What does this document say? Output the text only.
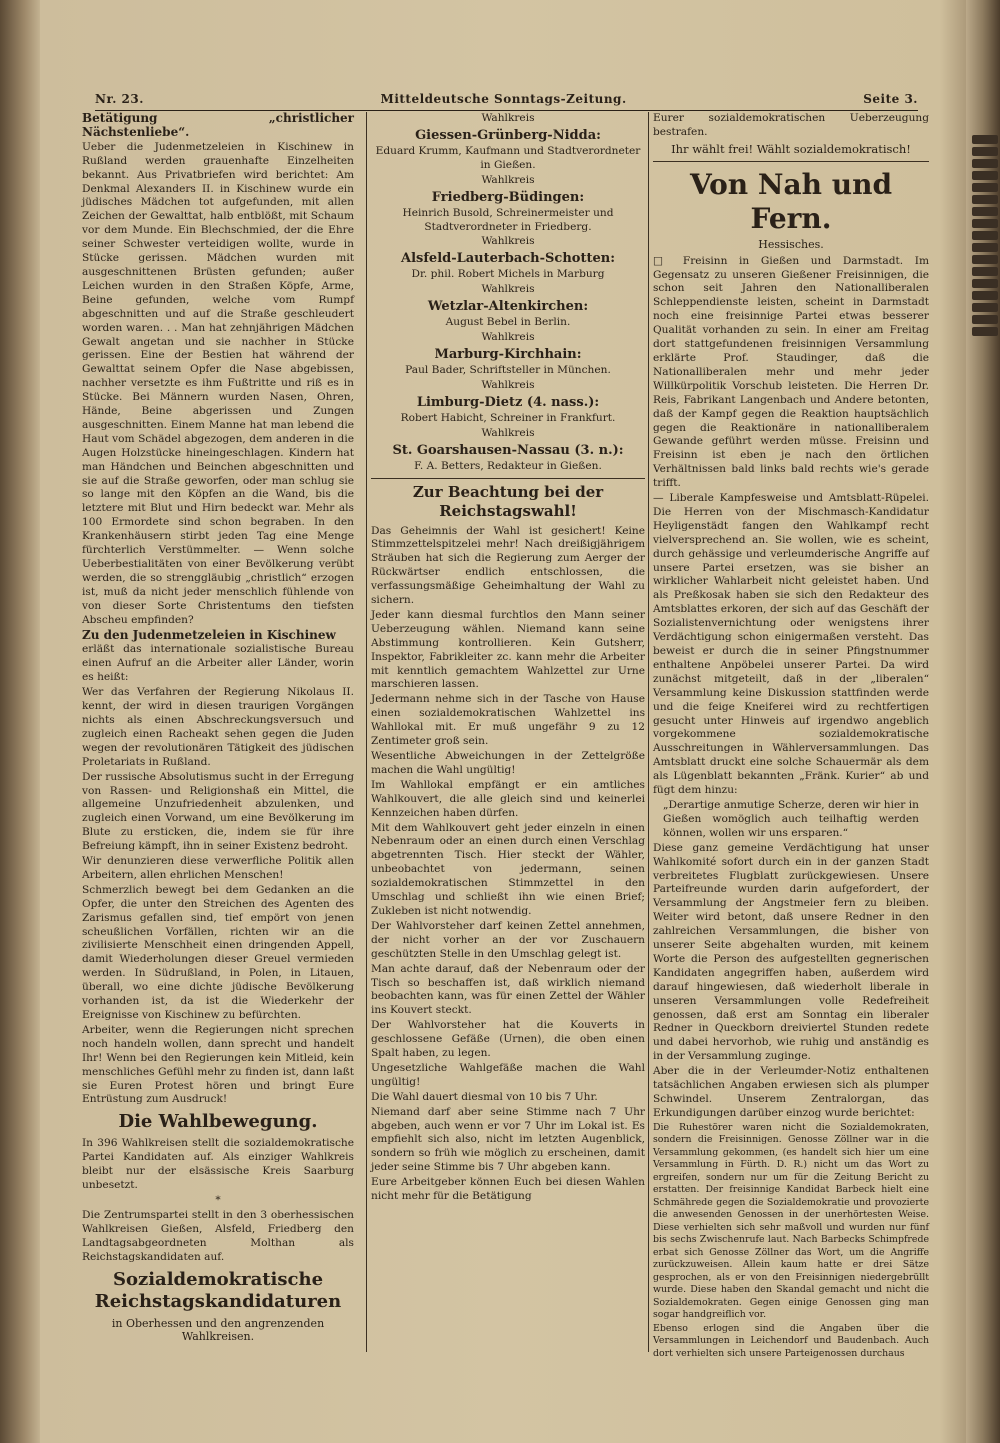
Nr. 23.	Mitteldeutsche Sonntags-Zeitung.	Seite 3.
Betätigung „christlicher Nächstenliebe“.

Ueber die Judenmetzeleien in Kischinew in Rußland werden grauenhafte Einzelheiten bekannt. Aus Privatbriefen wird berichtet: Am Denkmal Alexanders II. in Kischinew wurde ein jüdisches Mädchen tot aufgefunden, mit allen Zeichen der Gewalttat, halb entblößt, mit Schaum vor dem Munde. Ein Blechschmied, der die Ehre seiner Schwester verteidigen wollte, wurde in Stücke gerissen. Mädchen wurden mit ausgeschnittenen Brüsten gefunden; außer Leichen wurden in den Straßen Köpfe, Arme, Beine gefunden, welche vom Rumpf abgeschnitten und auf die Straße geschleudert worden waren. . . Man hat zehnjährigen Mädchen Gewalt angetan und sie nachher in Stücke gerissen. Eine der Bestien hat während der Gewalttat seinem Opfer die Nase abgebissen, nachher versetzte es ihm Fußtritte und riß es in Stücke. Bei Männern wurden Nasen, Ohren, Hände, Beine abgerissen und Zungen ausgeschnitten. Einem Manne hat man lebend die Haut vom Schädel abgezogen, dem anderen in die Augen Holzstücke hineingeschlagen. Kindern hat man Händchen und Beinchen abgeschnitten und sie auf die Straße geworfen, oder man schlug sie so lange mit den Köpfen an die Wand, bis die letztere mit Blut und Hirn bedeckt war. Mehr als 100 Ermordete sind schon begraben. In den Krankenhäusern stirbt jeden Tag eine Menge fürchterlich Verstümmelter. — Wenn solche Ueberbestialitäten von einer Bevölkerung verübt werden, die so strenggläubig „christlich“ erzogen ist, muß da nicht jeder menschlich fühlende von von dieser Sorte Christentums den tiefsten Abscheu empfinden?

Zu den Judenmetzeleien in Kischinew

erläßt das internationale sozialistische Bureau einen Aufruf an die Arbeiter aller Länder, worin es heißt:

Wer das Verfahren der Regierung Nikolaus II. kennt, der wird in diesen traurigen Vorgängen nichts als einen Abschreckungsversuch und zugleich einen Racheakt sehen gegen die Juden wegen der revolutionären Tätigkeit des jüdischen Proletariats in Rußland.

Der russische Absolutismus sucht in der Erregung von Rassen- und Religionshaß ein Mittel, die allgemeine Unzufriedenheit abzulenken, und zugleich einen Vorwand, um eine Bevölkerung im Blute zu ersticken, die, indem sie für ihre Befreiung kämpft, ihn in seiner Existenz bedroht.

Wir denunzieren diese verwerfliche Politik allen Arbeitern, allen ehrlichen Menschen!

Schmerzlich bewegt bei dem Gedanken an die Opfer, die unter den Streichen des Agenten des Zarismus gefallen sind, tief empört von jenen scheußlichen Vorfällen, richten wir an die zivilisierte Menschheit einen dringenden Appell, damit Wiederholungen dieser Greuel vermieden werden. In Südrußland, in Polen, in Litauen, überall, wo eine dichte jüdische Bevölkerung vorhanden ist, da ist die Wiederkehr der Ereignisse von Kischinew zu befürchten.

Arbeiter, wenn die Regierungen nicht sprechen noch handeln wollen, dann sprecht und handelt Ihr! Wenn bei den Regierungen kein Mitleid, kein menschliches Gefühl mehr zu finden ist, dann laßt sie Euren Protest hören und bringt Eure Entrüstung zum Ausdruck!

Die Wahlbewegung.

In 396 Wahlkreisen stellt die sozialdemokratische Partei Kandidaten auf. Als einziger Wahlkreis bleibt nur der elsässische Kreis Saarburg unbesetzt.

*

Die Zentrumspartei stellt in den 3 oberhessischen Wahlkreisen Gießen, Alsfeld, Friedberg den Landtagsabgeordneten Molthan als Reichstagskandidaten auf.

Sozialdemokratische Reichstagskandidaturen
in Oberhessen und den angrenzenden Wahlkreisen.
Wahlkreis
Giessen-Grünberg-Nidda:

Eduard Krumm, Kaufmann und Stadtverordneter in Gießen.

Wahlkreis
Friedberg-Büdingen:

Heinrich Busold, Schreinermeister und Stadtverordneter in Friedberg.

Wahlkreis
Alsfeld-Lauterbach-Schotten:

Dr. phil. Robert Michels in Marburg

Wahlkreis
Wetzlar-Altenkirchen:

August Bebel in Berlin.

Wahlkreis
Marburg-Kirchhain:

Paul Bader, Schriftsteller in München.

Wahlkreis
Limburg-Dietz (4. nass.):

Robert Habicht, Schreiner in Frankfurt.

Wahlkreis
St. Goarshausen-Nassau (3. n.):

F. A. Betters, Redakteur in Gießen.

Zur Beachtung bei der Reichstagswahl!

Das Geheimnis der Wahl ist gesichert! Keine Stimmzettelspitzelei mehr! Nach dreißigjährigem Sträuben hat sich die Regierung zum Aerger der Rückwärtser endlich entschlossen, die verfassungsmäßige Geheimhaltung der Wahl zu sichern.

Jeder kann diesmal furchtlos den Mann seiner Ueberzeugung wählen. Niemand kann seine Abstimmung kontrollieren. Kein Gutsherr, Inspektor, Fabrikleiter zc. kann mehr die Arbeiter mit kenntlich gemachtem Wahlzettel zur Urne marschieren lassen.

Jedermann nehme sich in der Tasche von Hause einen sozialdemokratischen Wahlzettel ins Wahllokal mit. Er muß ungefähr 9 zu 12 Zentimeter groß sein.

Wesentliche Abweichungen in der Zettelgröße machen die Wahl ungültig!

Im Wahllokal empfängt er ein amtliches Wahlkouvert, die alle gleich sind und keinerlei Kennzeichen haben dürfen.

Mit dem Wahlkouvert geht jeder einzeln in einen Nebenraum oder an einen durch einen Verschlag abgetrennten Tisch. Hier steckt der Wähler, unbeobachtet von jedermann, seinen sozialdemokratischen Stimmzettel in den Umschlag und schließt ihn wie einen Brief; Zukleben ist nicht notwendig.

Der Wahlvorsteher darf keinen Zettel annehmen, der nicht vorher an der vor Zuschauern geschützten Stelle in den Umschlag gelegt ist.

Man achte darauf, daß der Nebenraum oder der Tisch so beschaffen ist, daß wirklich niemand beobachten kann, was für einen Zettel der Wähler ins Kouvert steckt.

Der Wahlvorsteher hat die Kouverts in geschlossene Gefäße (Urnen), die oben einen Spalt haben, zu legen.

Ungesetzliche Wahlgefäße machen die Wahl ungültig!

Die Wahl dauert diesmal von 10 bis 7 Uhr.

Niemand darf aber seine Stimme nach 7 Uhr abgeben, auch wenn er vor 7 Uhr im Lokal ist. Es empfiehlt sich also, nicht im letzten Augenblick, sondern so früh wie möglich zu erscheinen, damit jeder seine Stimme bis 7 Uhr abgeben kann.

Eure Arbeitgeber können Euch bei diesen Wahlen nicht mehr für die Betätigung

Eurer sozialdemokratischen Ueberzeugung bestrafen.

Ihr wählt frei! Wählt sozialdemokratisch!

Von Nah und Fern.
Hessisches.

□ Freisinn in Gießen und Darmstadt. Im Gegensatz zu unseren Gießener Freisinnigen, die schon seit Jahren den Nationalliberalen Schleppendienste leisten, scheint in Darmstadt noch eine freisinnige Partei etwas besserer Qualität vorhanden zu sein. In einer am Freitag dort stattgefundenen freisinnigen Versammlung erklärte Prof. Staudinger, daß die Nationalliberalen mehr und mehr jeder Willkürpolitik Vorschub leisteten. Die Herren Dr. Reis, Fabrikant Langenbach und Andere betonten, daß der Kampf gegen die Reaktion hauptsächlich gegen die Reaktionäre in nationalliberalem Gewande geführt werden müsse. Freisinn und Freisinn ist eben je nach den örtlichen Verhältnissen bald links bald rechts wie's gerade trifft.

— Liberale Kampfesweise und Amtsblatt-Rüpelei. Die Herren von der Mischmasch-Kandidatur Heyligenstädt fangen den Wahlkampf recht vielversprechend an. Sie wollen, wie es scheint, durch gehässige und verleumderische Angriffe auf unsere Partei ersetzen, was sie bisher an wirklicher Wahlarbeit nicht geleistet haben. Und als Preßkosak haben sie sich den Redakteur des Amtsblattes erkoren, der sich auf das Geschäft der Sozialistenvernichtung oder wenigstens ihrer Verdächtigung schon einigermaßen versteht. Das beweist er durch die in seiner Pfingstnummer enthaltene Anpöbelei unserer Partei. Da wird zunächst mitgeteilt, daß in der „liberalen“ Versammlung keine Diskussion stattfinden werde und die feige Kneiferei wird zu rechtfertigen gesucht unter Hinweis auf irgendwo angeblich vorgekommene sozialdemokratische Ausschreitungen in Wählerversammlungen. Das Amtsblatt druckt eine solche Schauermär als dem als Lügenblatt bekannten „Fränk. Kurier“ ab und fügt dem hinzu:

„Derartige anmutige Scherze, deren wir hier in Gießen womöglich auch teilhaftig werden können, wollen wir uns ersparen.“

Diese ganz gemeine Verdächtigung hat unser Wahlkomité sofort durch ein in der ganzen Stadt verbreitetes Flugblatt zurückgewiesen. Unsere Parteifreunde wurden darin aufgefordert, der Versammlung der Angstmeier fern zu bleiben. Weiter wird betont, daß unsere Redner in den zahlreichen Versammlungen, die bisher von unserer Seite abgehalten wurden, mit keinem Worte die Person des aufgestellten gegnerischen Kandidaten angegriffen haben, außerdem wird darauf hingewiesen, daß wiederholt liberale in unseren Versammlungen volle Redefreiheit genossen, daß erst am Sonntag ein liberaler Redner in Queckborn dreiviertel Stunden redete und dabei hervorhob, wie ruhig und anständig es in der Versammlung zuginge.

Aber die in der Verleumder-Notiz enthaltenen tatsächlichen Angaben erwiesen sich als plumper Schwindel. Unserem Zentralorgan, das Erkundigungen darüber einzog wurde berichtet:

Die Ruhestörer waren nicht die Sozialdemokraten, sondern die Freisinnigen. Genosse Zöllner war in die Versammlung gekommen, (es handelt sich hier um eine Versammlung in Fürth. D. R.) nicht um das Wort zu ergreifen, sondern nur um für die Zeitung Bericht zu erstatten. Der freisinnige Kandidat Barbeck hielt eine Schmährede gegen die Sozialdemokratie und provozierte die anwesenden Genossen in der unerhörtesten Weise. Diese verhielten sich sehr maßvoll und wurden nur fünf bis sechs Zwischenrufe laut. Nach Barbecks Schimpfrede erbat sich Genosse Zöllner das Wort, um die Angriffe zurückzuweisen. Allein kaum hatte er drei Sätze gesprochen, als er von den Freisinnigen niedergebrüllt wurde. Diese haben den Skandal gemacht und nicht die Sozialdemokraten. Gegen einige Genossen ging man sogar handgreiflich vor.

Ebenso erlogen sind die Angaben über die Versammlungen in Leichendorf und Baudenbach. Auch dort verhielten sich unsere Parteigenossen durchaus
